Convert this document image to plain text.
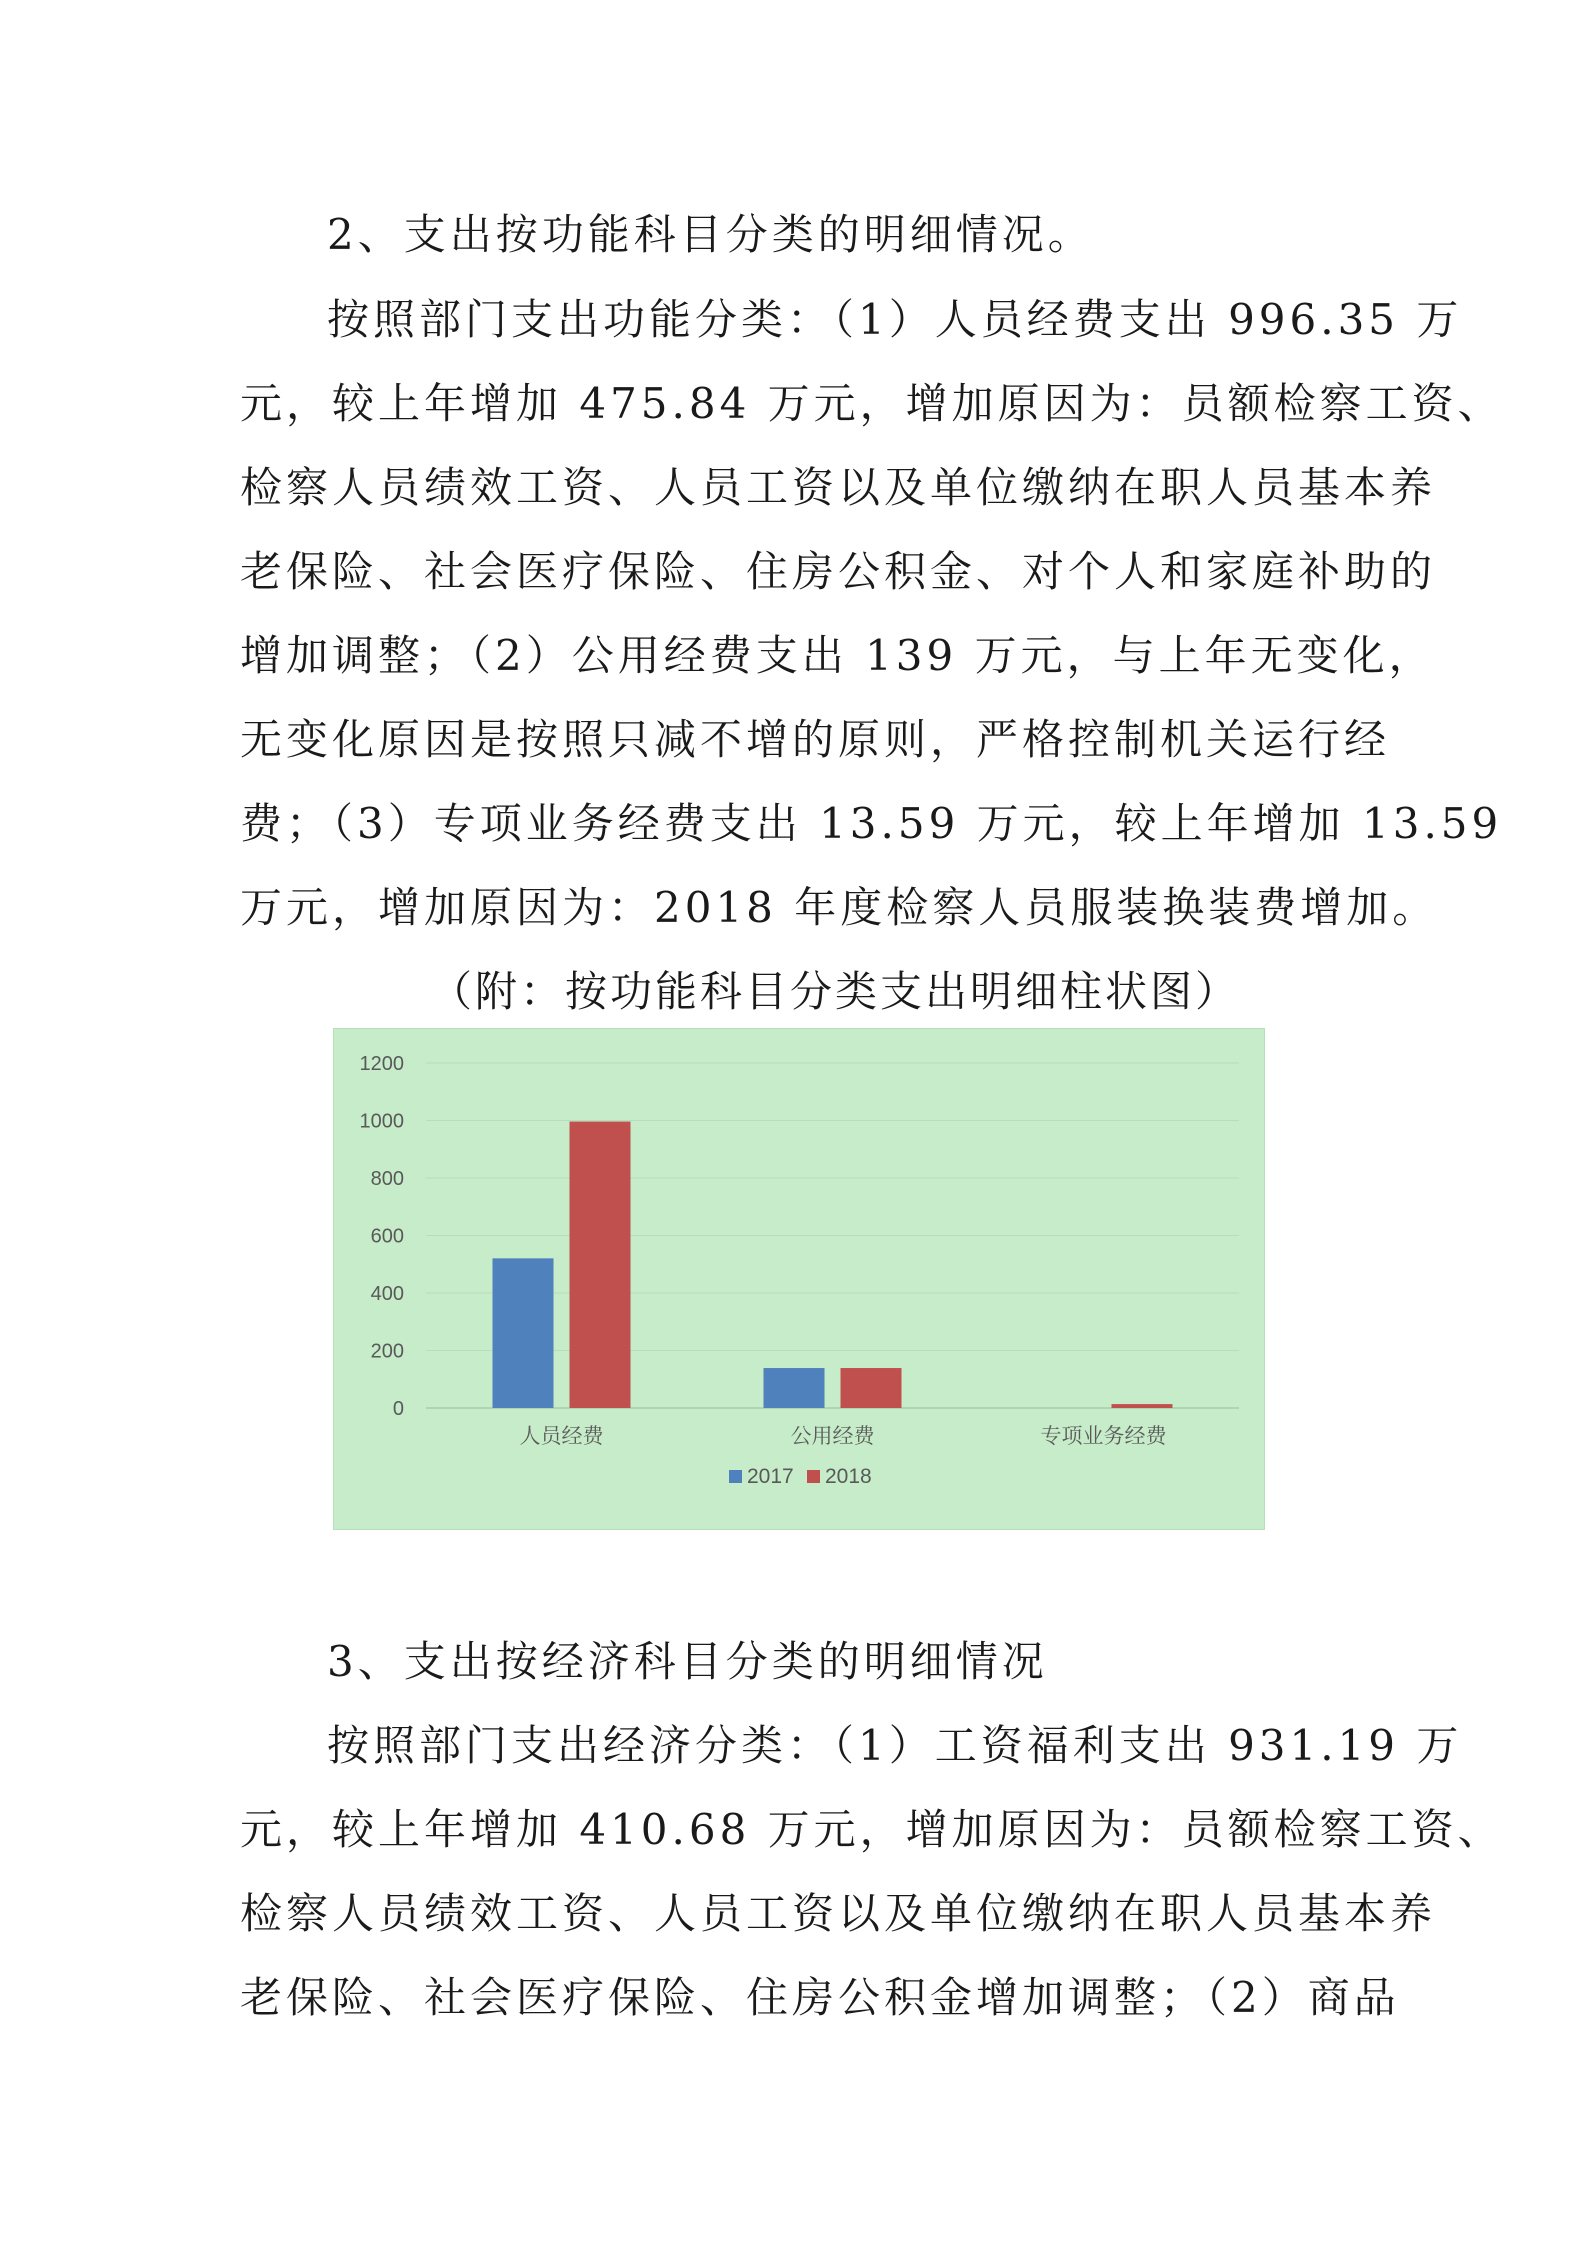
2、支出按功能科目分类的明细情况。
按照部门支出功能分类：（1）人员经费支出 996.35 万
元，较上年增加 475.84 万元，增加原因为：员额检察工资、
检察人员绩效工资、人员工资以及单位缴纳在职人员基本养
老保险、社会医疗保险、住房公积金、对个人和家庭补助的
增加调整；（2）公用经费支出 139 万元，与上年无变化，
无变化原因是按照只减不增的原则，严格控制机关运行经
费；（3）专项业务经费支出 13.59 万元，较上年增加 13.59
万元，增加原因为：2018 年度检察人员服装换装费增加。
（附：按功能科目分类支出明细柱状图）
0
200
400
600
800
1000
1200
人员经费	公用经费	专项业务经费
2017 2018
3、支出按经济科目分类的明细情况
按照部门支出经济分类：（1）工资福利支出 931.19 万
元，较上年增加 410.68 万元，增加原因为：员额检察工资、
检察人员绩效工资、人员工资以及单位缴纳在职人员基本养
老保险、社会医疗保险、住房公积金增加调整；（2）商品
